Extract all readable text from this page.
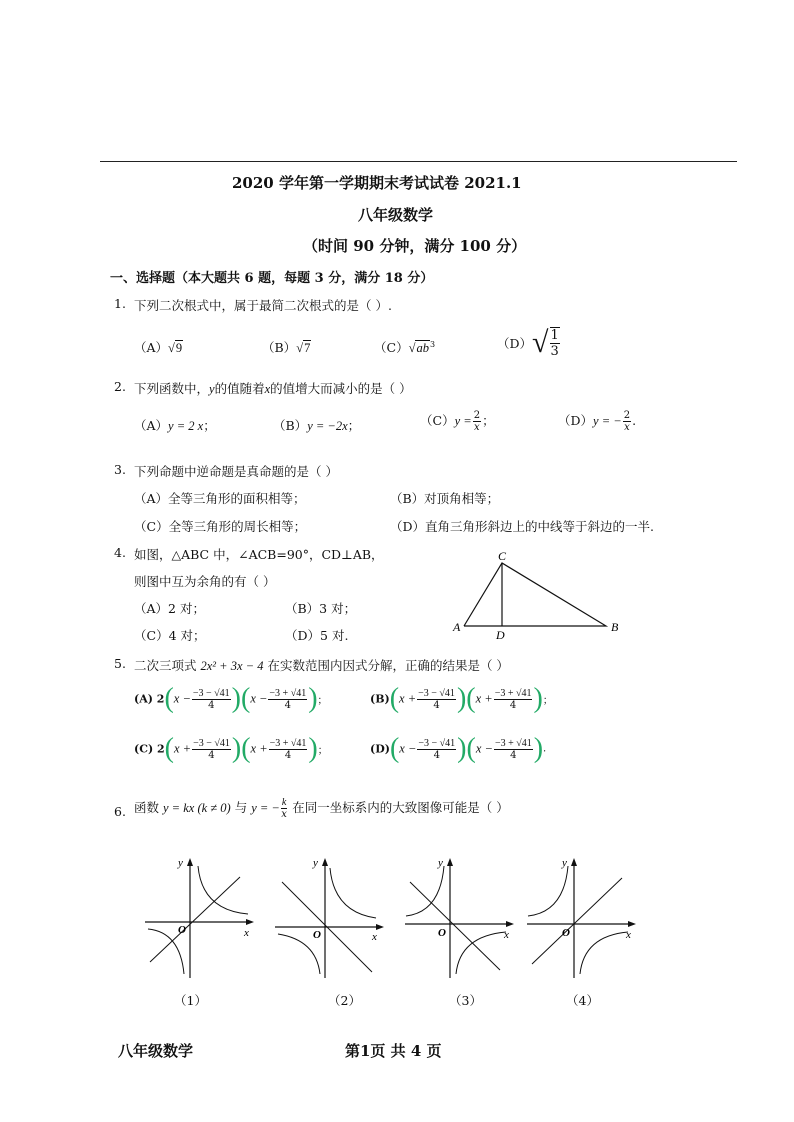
2020 学年第一学期期末考试试卷 2021.1
八年级数学
（时间 90 分钟，满分 100 分）
一、选择题（本大题共 6 题，每题 3 分，满分 18 分）
1. 下列二次根式中，属于最简二次根式的是（ ）.
（A）√9	（B）√7	$(C)√ab^3$	$(D)√ \frac{1}{3}$
2. 下列函数中，y的值随着x的值增大而减小的是（ ）
（A）y = 2 x；	（B）y = −2x；	$(C)y = \frac{2}{x}$ ；	（D）y = − $\frac{2}{x}$ .
3. 下列命题中逆命题是真命题的是（ ）
（A）全等三角形的面积相等；	（B）对顶角相等；
（C）全等三角形的周长相等；	（D）直角三角形斜边上的中线等于斜边的一半.
4. 如图，△ABC 中，∠ACB=90°，CD⊥AB，
则图中互为余角的有（ ）
（A）2 对；	（B）3 对；
（C）4 对；	（D）5 对.
C
A	B
D
5. 二次三项式 2x² + 3x − 4 在实数范围内因式分解，正确的结果是（ ）
(A) $2(x - \frac{-3 - √41}{4} )(x - \frac{-3 + √41}{4}$ )；	$(B)(x + \frac{-3 - √41}{4} )(x + \frac{-3 + √41}{4}$ )；
(C) $2(x + \frac{-3 - √41}{4} )(x + \frac{-3 + √41}{4}$ )；	$(D)(x - \frac{-3 - √41}{4} )(x - \frac{-3 + √41}{4}$ ).
6. 函数 y = kx (k ≠ 0) 与 y = − $\frac{k}{x}$ 在同一坐标系内的大致图像可能是（ ）
y
x
O
y
x
O
y
x
O
y
x
O
（1）	（2）	（3）	（4）
八年级数学	第1页 共 4 页
